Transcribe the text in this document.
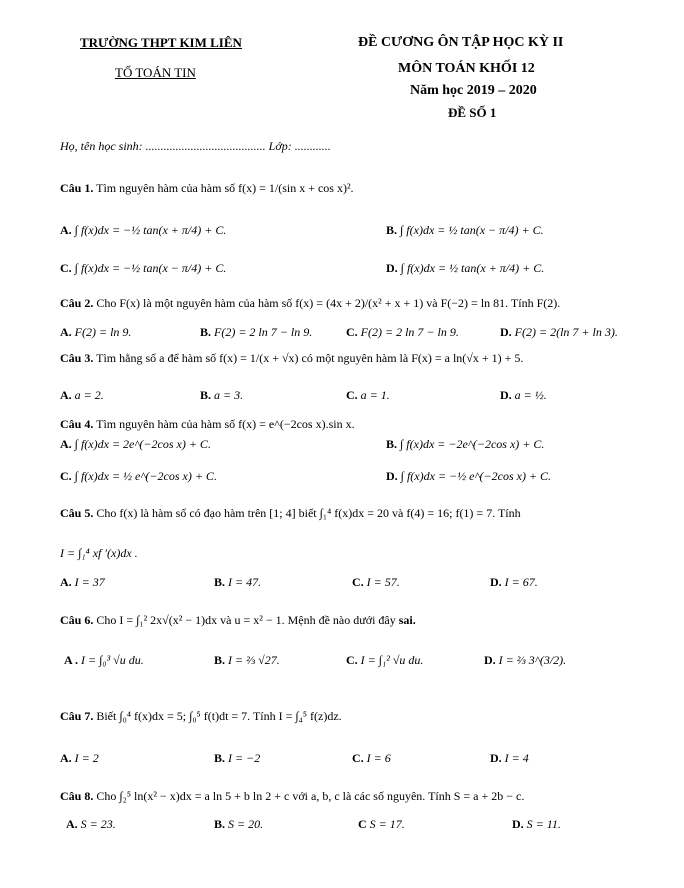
TRƯỜNG THPT KIM LIÊN
TỔ TOÁN TIN
ĐỀ CƯƠNG ÔN TẬP HỌC KỲ II
MÔN TOÁN KHỐI 12
Năm học 2019 – 2020
ĐỀ SỐ 1
Họ, tên học sinh: ........................................ Lớp: ............
Câu 1. Tìm nguyên hàm của hàm số f(x) = 1/(sin x + cos x)².
A. ∫ f(x)dx = −½ tan(x + π/4) + C.	B. ∫ f(x)dx = ½ tan(x − π/4) + C.
C. ∫ f(x)dx = −½ tan(x − π/4) + C.	D. ∫ f(x)dx = ½ tan(x + π/4) + C.
Câu 2. Cho F(x) là một nguyên hàm của hàm số f(x) = (4x + 2)/(x² + x + 1) và F(−2) = ln 81. Tính F(2).
A. F(2) = ln 9.	B. F(2) = 2 ln 7 − ln 9.	C. F(2) = 2 ln 7 − ln 9.	D. F(2) = 2(ln 7 + ln 3).
Câu 3. Tìm hằng số a để hàm số f(x) = 1/(x + √x) có một nguyên hàm là F(x) = a ln(√x + 1) + 5.
A. a = 2.	B. a = 3.	C. a = 1.	D. a = ½.
Câu 4. Tìm nguyên hàm của hàm số f(x) = e^(−2cos x).sin x.
A. ∫ f(x)dx = 2e^(−2cos x) + C.	B. ∫ f(x)dx = −2e^(−2cos x) + C.
C. ∫ f(x)dx = ½ e^(−2cos x) + C.	D. ∫ f(x)dx = −½ e^(−2cos x) + C.
Câu 5. Cho f(x) là hàm số có đạo hàm trên [1; 4] biết ∫₁⁴ f(x)dx = 20 và f(4) = 16; f(1) = 7. Tính
I = ∫₁⁴ xf ′(x)dx .
A. I = 37	B. I = 47.	C. I = 57.	D. I = 67.
Câu 6. Cho I = ∫₁² 2x√(x² − 1)dx và u = x² − 1. Mệnh đề nào dưới đây sai.
A . I = ∫₀³ √u du.	B. I = ⅔ √27.	C. I = ∫₁² √u du.	D. I = ⅔ 3^(3/2).
Câu 7. Biết ∫₀⁴ f(x)dx = 5; ∫₀⁵ f(t)dt = 7. Tính I = ∫₄⁵ f(z)dz.
A. I = 2	B. I = −2	C. I = 6	D. I = 4
Câu 8. Cho ∫₂⁵ ln(x² − x)dx = a ln 5 + b ln 2 + c với a, b, c là các số nguyên. Tính S = a + 2b − c.
A. S = 23.	B. S = 20.	C S = 17.	D. S = 11.
